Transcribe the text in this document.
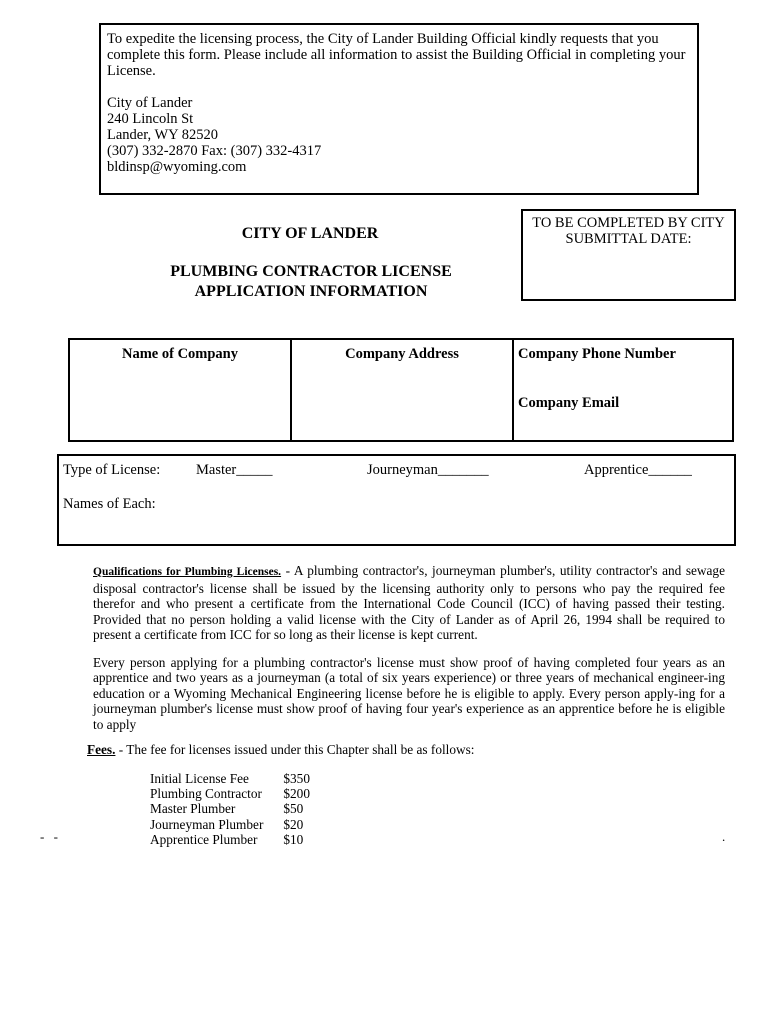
To expedite the licensing process, the City of Lander Building Official kindly requests that you complete this form. Please include all information to assist the Building Official in completing your License.

City of Lander
240 Lincoln St
Lander, WY 82520
(307) 332-2870 Fax: (307) 332-4317
bldinsp@wyoming.com
TO BE COMPLETED BY CITY
SUBMITTAL DATE:
CITY OF LANDER
PLUMBING CONTRACTOR LICENSE
APPLICATION INFORMATION
Name of Company	Company Address	Company Phone Number
Company Email
Type of License: Master_____	Journeyman_______	Apprentice______
Names of Each:

Qualifications for Plumbing Licenses. - A plumbing contractor's, journeyman plumber's, utility contractor's and sewage disposal contractor's license shall be issued by the licensing authority only to persons who pay the required fee therefor and who present a certificate from the International Code Council (ICC) of having passed their testing. Provided that no person holding a valid license with the City of Lander as of April 26, 1994 shall be required to present a certificate from ICC for so long as their license is kept current.

Every person applying for a plumbing contractor's license must show proof of having completed four years as an apprentice and two years as a journeyman (a total of six years experience) or three years of mechanical engineer-ing education or a Wyoming Mechanical Engineering license before he is eligible to apply. Every person apply-ing for a journeyman plumber's license must show proof of having four year's experience as an apprentice before he is eligible to apply

Fees. - The fee for licenses issued under this Chapter shall be as follows:
Initial License Fee	$350
Plumbing Contractor	$200
Master Plumber	$50
Journeyman Plumber	$20
Apprentice Plumber	$10
- -	.
